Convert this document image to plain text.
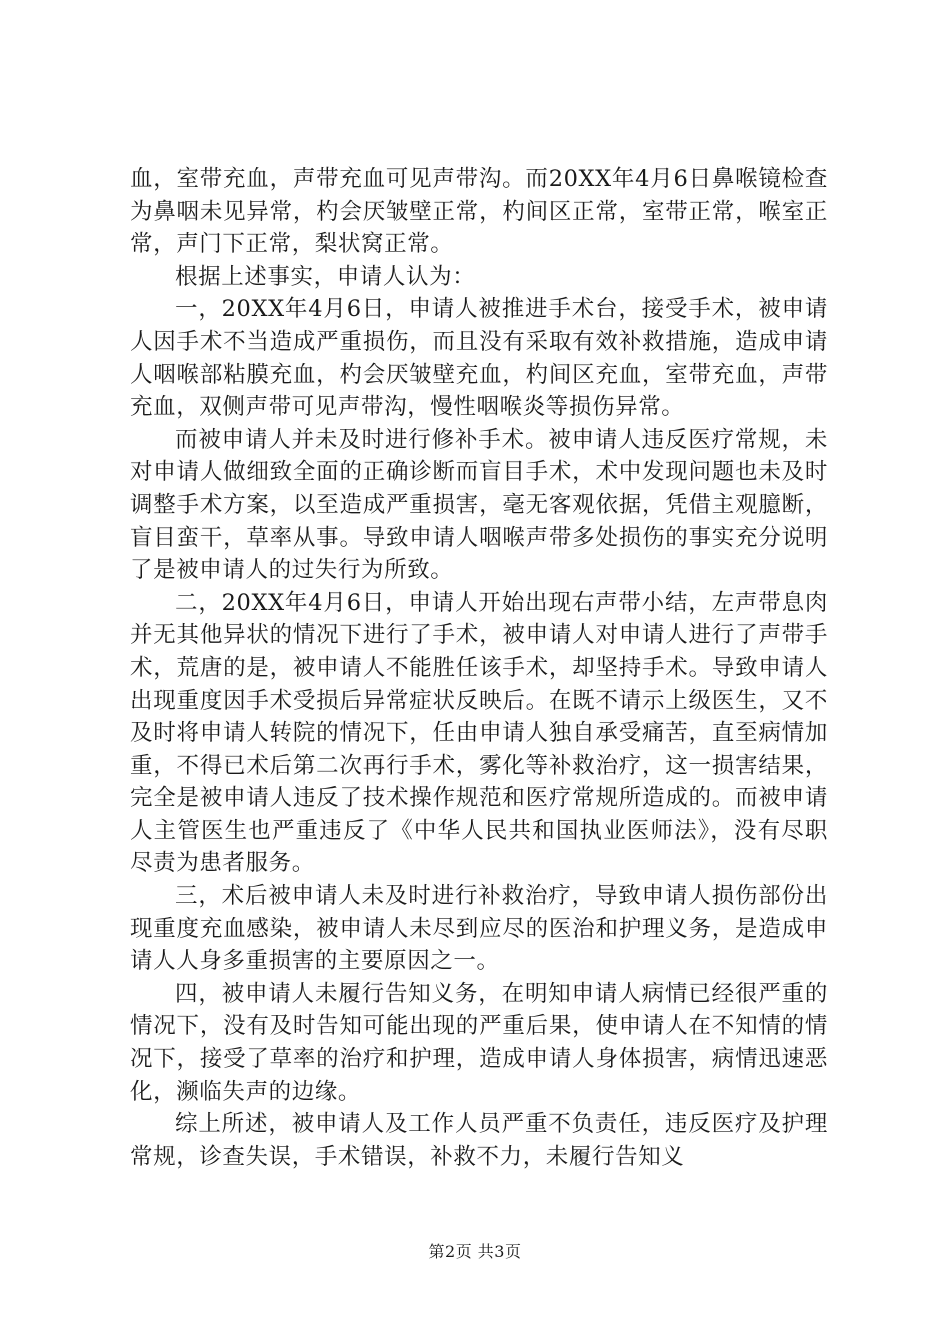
血，室带充血，声带充血可见声带沟。而20XX年4月6日鼻喉镜检查为鼻咽未见异常，杓会厌皱壁正常，杓间区正常，室带正常，喉室正常，声门下正常，梨状窝正常。

根据上述事实，申请人认为：

一，20XX年4月6日，申请人被推进手术台，接受手术，被申请人因手术不当造成严重损伤，而且没有采取有效补救措施，造成申请人咽喉部粘膜充血，杓会厌皱壁充血，杓间区充血，室带充血，声带充血，双侧声带可见声带沟，慢性咽喉炎等损伤异常。

而被申请人并未及时进行修补手术。被申请人违反医疗常规，未对申请人做细致全面的正确诊断而盲目手术，术中发现问题也未及时调整手术方案，以至造成严重损害，毫无客观依据，凭借主观臆断，盲目蛮干，草率从事。导致申请人咽喉声带多处损伤的事实充分说明了是被申请人的过失行为所致。

二，20XX年4月6日，申请人开始出现右声带小结，左声带息肉并无其他异状的情况下进行了手术，被申请人对申请人进行了声带手术，荒唐的是，被申请人不能胜任该手术，却坚持手术。导致申请人出现重度因手术受损后异常症状反映后。在既不请示上级医生，又不及时将申请人转院的情况下，任由申请人独自承受痛苦，直至病情加重，不得已术后第二次再行手术，雾化等补救治疗，这一损害结果，完全是被申请人违反了技术操作规范和医疗常规所造成的。而被申请人主管医生也严重违反了《中华人民共和国执业医师法》，没有尽职尽责为患者服务。

三，术后被申请人未及时进行补救治疗，导致申请人损伤部份出现重度充血感染，被申请人未尽到应尽的医治和护理义务，是造成申请人人身多重损害的主要原因之一。

四，被申请人未履行告知义务，在明知申请人病情已经很严重的情况下，没有及时告知可能出现的严重后果，使申请人在不知情的情况下，接受了草率的治疗和护理，造成申请人身体损害，病情迅速恶化，濒临失声的边缘。

综上所述，被申请人及工作人员严重不负责任，违反医疗及护理常规，诊查失误，手术错误，补救不力，未履行告知义

第2页 共3页
